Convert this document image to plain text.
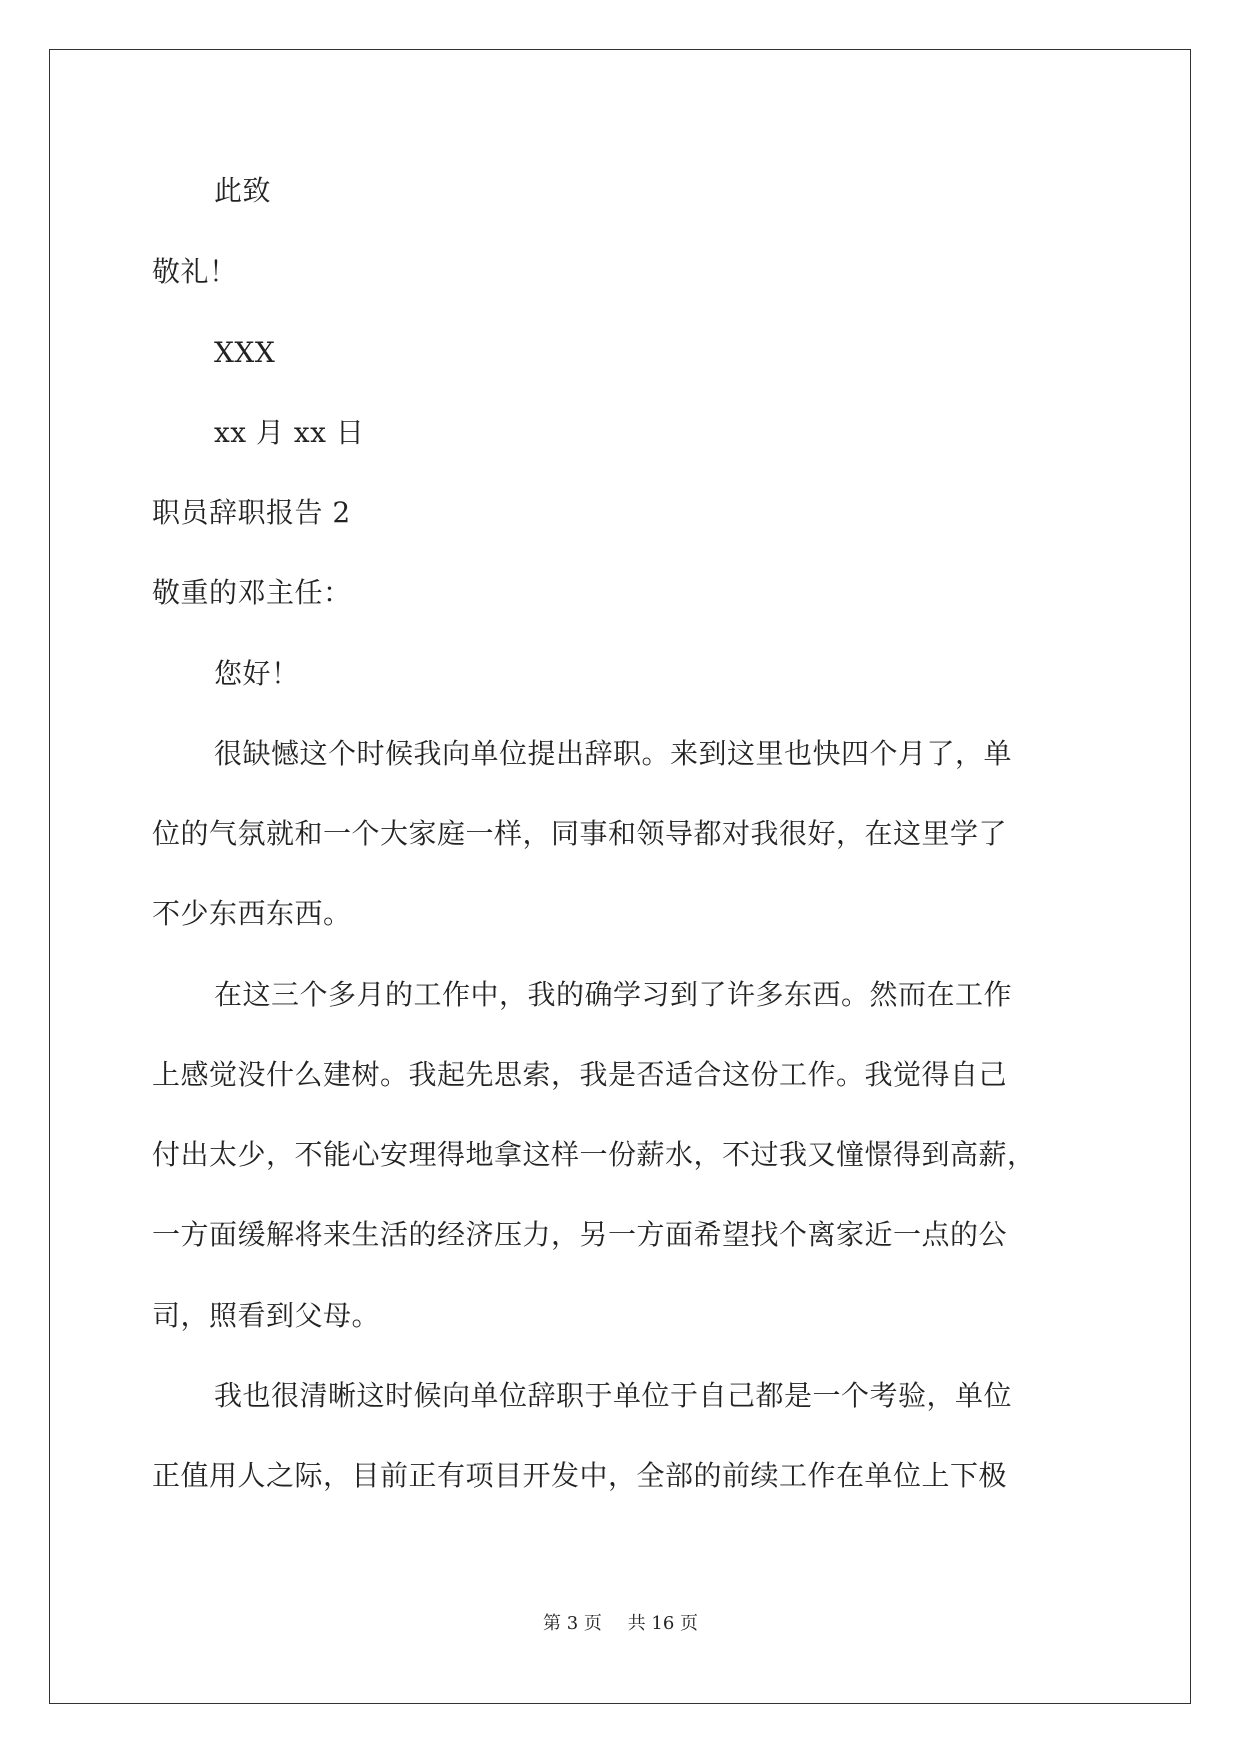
此致
敬礼！
XXX
xx 月 xx 日
职员辞职报告 2
敬重的邓主任：
您好！
很缺憾这个时候我向单位提出辞职。来到这里也快四个月了，单
位的气氛就和一个大家庭一样，同事和领导都对我很好，在这里学了
不少东西东西。
在这三个多月的工作中，我的确学习到了许多东西。然而在工作
上感觉没什么建树。我起先思索，我是否适合这份工作。我觉得自己
付出太少，不能心安理得地拿这样一份薪水，不过我又憧憬得到高薪，
一方面缓解将来生活的经济压力，另一方面希望找个离家近一点的公
司，照看到父母。
我也很清晰这时候向单位辞职于单位于自己都是一个考验，单位
正值用人之际，目前正有项目开发中，全部的前续工作在单位上下极
第 3 页 共 16 页
